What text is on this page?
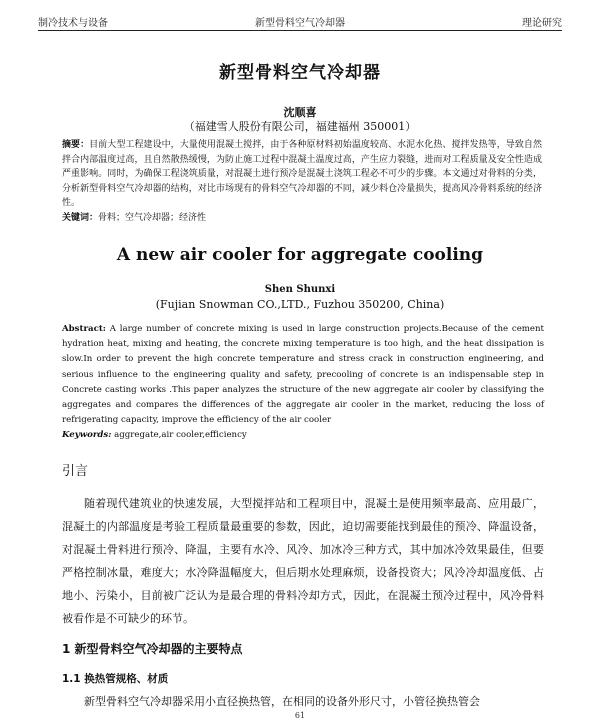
制冷技术与设备	新型骨料空气冷却器	理论研究
新型骨料空气冷却器
沈顺喜
（福建雪人股份有限公司，福建福州 350001）
摘要：目前大型工程建设中，大量使用混凝土搅拌，由于各种原材料初始温度较高、水泥水化热、搅拌发热等，导致自然拌合内部温度过高，且自然散热缓慢，为防止施工过程中混凝土温度过高，产生应力裂缝，进而对工程质量及安全性造成严重影响。同时，为确保工程浇筑质量，对混凝土进行预冷是混凝土浇筑工程必不可少的步骤。本文通过对骨料的分类，分析新型骨料空气冷却器的结构，对比市场现有的骨料空气冷却器的不同，减少料仓冷量损失，提高风冷骨料系统的经济性。
关键词：骨料；空气冷却器；经济性
A new air cooler for aggregate cooling
Shen Shunxi
(Fujian Snowman CO.,LTD., Fuzhou 350200, China)
Abstract: A large number of concrete mixing is used in large construction projects.Because of the cement hydration heat, mixing and heating, the concrete mixing temperature is too high, and the heat dissipation is slow.In order to prevent the high concrete temperature and stress crack in construction engineering, and serious influence to the engineering quality and safety, precooling of concrete is an indispensable step in Concrete casting works .This paper analyzes the structure of the new aggregate air cooler by classifying the aggregates and compares the differences of the aggregate air cooler in the market, reducing the loss of refrigerating capacity, improve the efficiency of the air cooler
Keywords: aggregate,air cooler,efficiency
引言
随着现代建筑业的快速发展，大型搅拌站和工程项目中，混凝土是使用频率最高、应用最广，混凝土的内部温度是考验工程质量最重要的参数，因此，迫切需要能找到最佳的预冷、降温设备，对混凝土骨料进行预冷、降温，主要有水冷、风冷、加冰冷三种方式，其中加冰冷效果最佳，但要严格控制冰量，难度大；水冷降温幅度大，但后期水处理麻烦，设备投资大；风冷冷却温度低、占地小、污染小，目前被广泛认为是最合理的骨料冷却方式，因此，在混凝土预冷过程中，风冷骨料被看作是不可缺少的环节。
1 新型骨料空气冷却器的主要特点
1.1 换热管规格、材质
新型骨料空气冷却器采用小直径换热管，在相同的设备外形尺寸，小管径换热管会
61
